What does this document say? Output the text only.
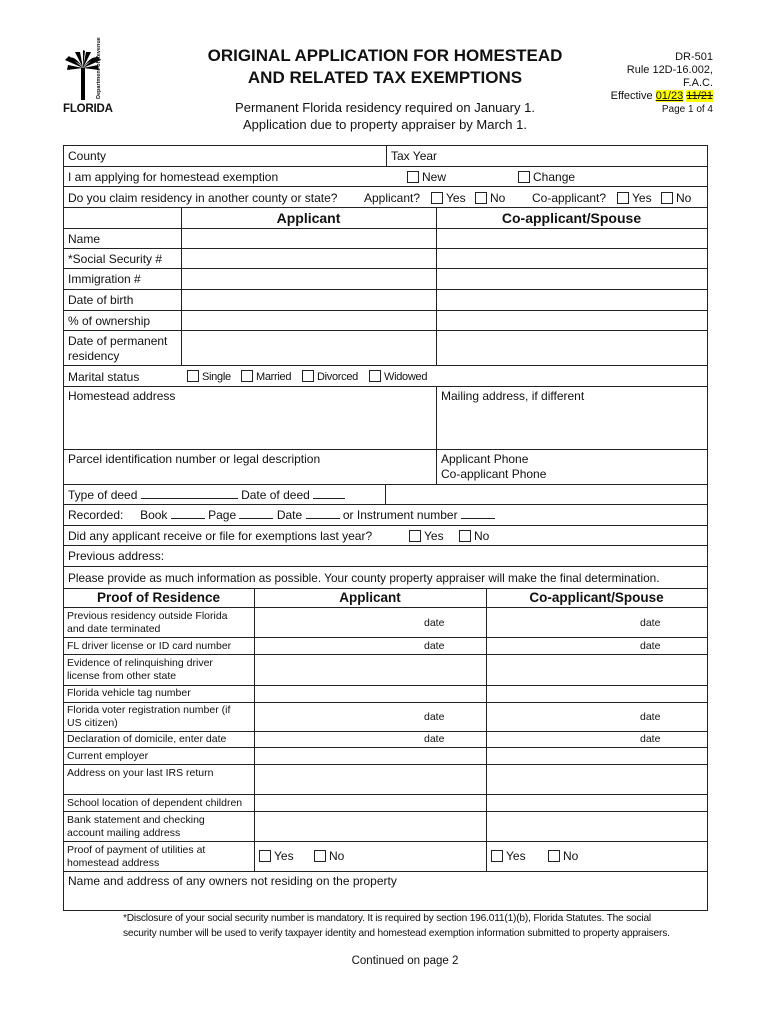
Department of Revenue
FLORIDA
ORIGINAL APPLICATION FOR HOMESTEAD
AND RELATED TAX EXEMPTIONS
Permanent Florida residency required on January 1.
Application due to property appraiser by March 1.
DR-501
Rule 12D-16.002,
F.A.C.
Effective 01/23 11/21
Page 1 of 4
County	Tax Year
I am applying for homestead exemption	New	Change
Do you claim residency in another county or state? Applicant?	Yes	No Co-applicant?	Yes	No
Applicant	Co-applicant/Spouse
Name
*Social Security #
Immigration #
Date of birth
% of ownership
Date of permanent
residency
Marital status	Single	Married	Divorced	Widowed
Homestead address	Mailing address, if different
Parcel identification number or legal description	Applicant Phone
Co-applicant Phone
Type of deed	Date of deed
Recorded: Book	Page	Date	or Instrument number
Did any applicant receive or file for exemptions last year?	Yes	No
Previous address:
Please provide as much information as possible. Your county property appraiser will make the final determination.
Proof of Residence	Applicant	Co-applicant/Spouse
Previous residency outside Florida
and date terminated	date	date
FL driver license or ID card number	date	date
Evidence of relinquishing driver
license from other state
Florida vehicle tag number
Florida voter registration number (if
US citizen)	date	date
Declaration of domicile, enter date	date	date
Current employer
Address on your last IRS return
School location of dependent children
Bank statement and checking
account mailing address
Proof of payment of utilities at
homestead address	Yes	No	Yes	No
Name and address of any owners not residing on the property
*Disclosure of your social security number is mandatory. It is required by section 196.011(1)(b), Florida Statutes. The social
security number will be used to verify taxpayer identity and homestead exemption information submitted to property appraisers.
Continued on page 2
